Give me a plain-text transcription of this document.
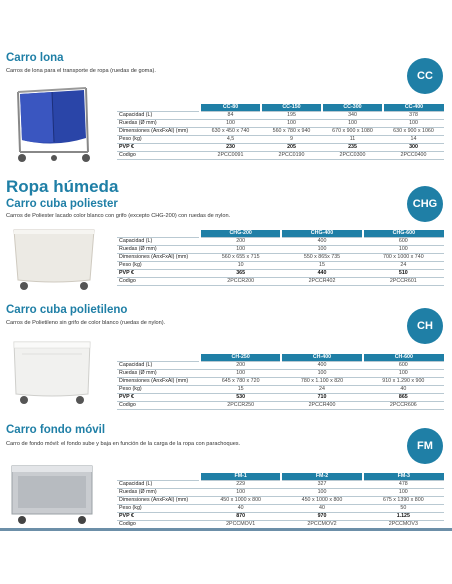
Carro lona
Carros de lona para el transporte de ropa (ruedas de goma).	CC
	CC-80	CC-150	CC-300	CC-400
Capacidad (L)	84	195	340	378
Ruedas (Ø mm)	100	100	100	100
Dimensiones (AnxFxAl) (mm)	630 x 450 x 740	560 x 780 x 940	670 x 900 x 1080	630 x 900 x 1060
Peso (kg)	4,5	9	11	14
PVP €	230	205	235	300
Codigo	2PCC0091	2PCC0190	2PCC0300	2PCC0400
Ropa húmeda
Carro cuba poliester
Carros de Poliester lacado color blanco con grifo (excepto CHG-200) con ruedas de nylon.
CHG
	CHG-200	CHG-400	CHG-600
Capacidad (L)	200	400	600
Ruedas (Ø mm)	100	100	100
Dimensiones (AnxFxAl) (mm)	560 x 655 x 715	550 x 865x 735	700 x 1000 x 740
Peso (kg)	10	15	24
PVP €	365	440	510
Codigo	2PCCR200	2PCCR402	2PCCR601
Carro cuba polietileno
Carros de Polietileno sin grifo de color blanco (ruedas de nylon).	CH
	CH-250	CH-400	CH-600
Capacidad (L)	200	400	600
Ruedas (Ø mm)	100	100	100
Dimensiones (AnxFxAl) (mm)	645 x 780 x 720	780 x 1.100 x 820	910 x 1.290 x 900
Peso (kg)	15	24	40
PVP €	530	710	865
Codigo	2PCCR250	2PCCR400	2PCCR606
Carro fondo móvil
Carro de fondo móvil: el fondo sube y baja en función de la carga de la ropa con parachoques.	FM
	FM-1	FM-2	FM-3
Capacidad (L)	229	327	478
Ruedas (Ø mm)	100	100	100
Dimensiones (AnxFxAl) (mm)	450 x 1000 x 800	450 x 1000 x 800	675 x 1390 x 800
Peso (kg)	40	40	50
PVP €	870	970	1.125
Codigo	2PCCMOV1	2PCCMOV2	2PCCMOV3
